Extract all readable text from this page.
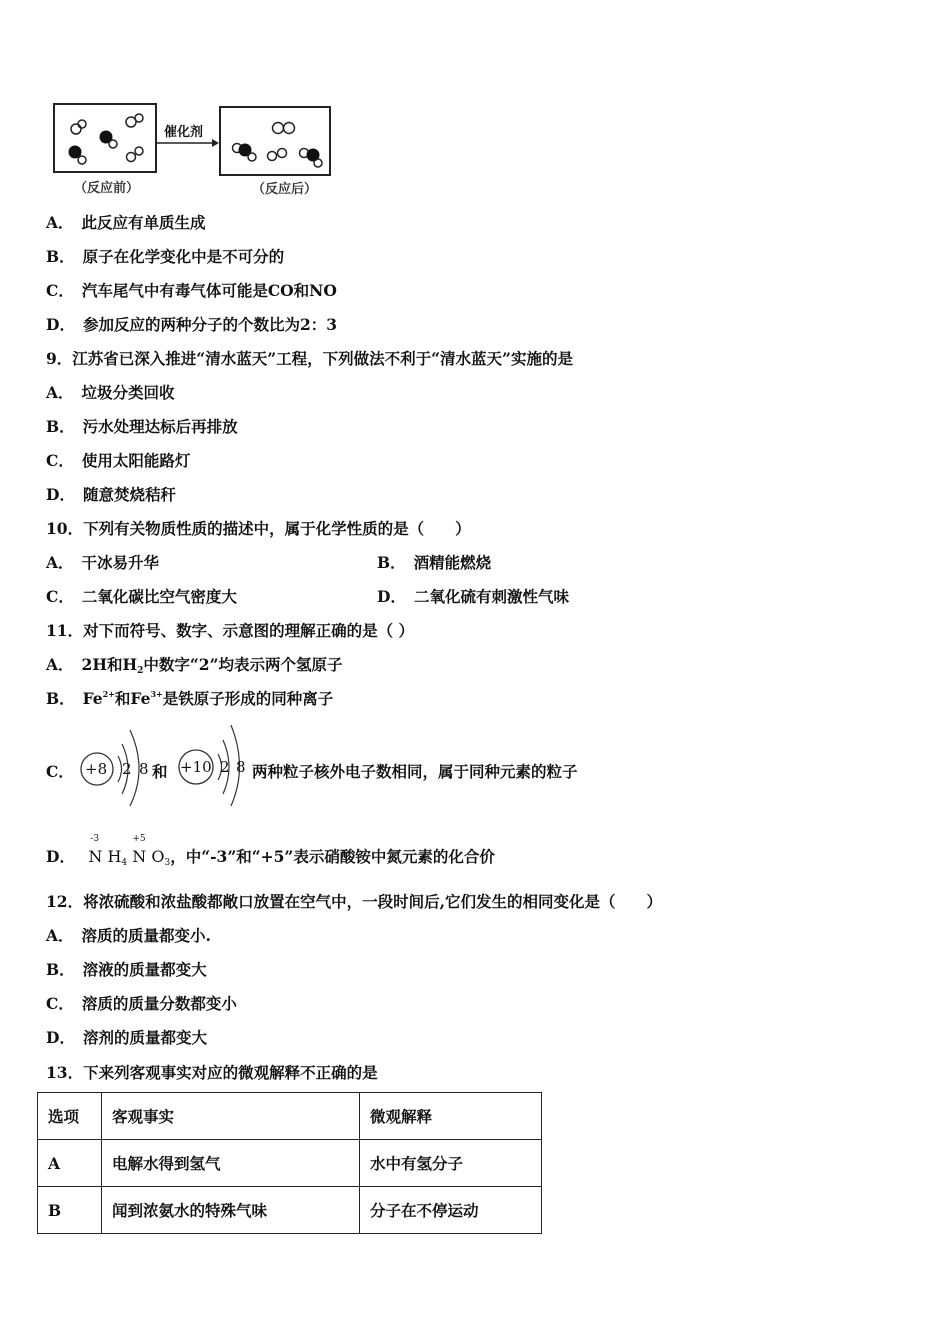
催化剂
（反应前）	（反应后）
A． 此反应有单质生成
B． 原子在化学变化中是不可分的
C． 汽车尾气中有毒气体可能是CO和NO
D． 参加反应的两种分子的个数比为2：3
9．江苏省已深入推进“清水蓝天”工程，下列做法不利于“清水蓝天”实施的是
A． 垃圾分类回收
B． 污水处理达标后再排放
C． 使用太阳能路灯
D． 随意焚烧秸秆
10．下列有关物质性质的描述中，属于化学性质的是（　　）
A． 干冰易升华	B． 酒精能燃烧
C． 二氧化碳比空气密度大	D． 二氧化硫有刺激性气味
11．对下而符号、数字、示意图的理解正确的是（ ）
A． 2H和$H_2$中数字“2”均表示两个氢原子
B． $Fe^{2+}$和$Fe^{3+}$是铁原子形成的同种离子
C． +8 2 8 和 +10 2 8 两种粒子核外电子数相同，属于同种元素的粒子
D．
-3
N $H_4$
+5
N $O_3$，中“-3”和“+5”表示硝酸铵中氮元素的化合价
12．将浓硫酸和浓盐酸都敞口放置在空气中，一段时间后,它们发生的相同变化是（　　）
A． 溶质的质量都变小.
B． 溶液的质量都变大
C． 溶质的质量分数都变小
D． 溶剂的质量都变大
13．下来列客观事实对应的微观解释不正确的是
选项	客观事实	微观解释
A	电解水得到氢气	水中有氢分子
B	闻到浓氨水的特殊气味	分子在不停运动
